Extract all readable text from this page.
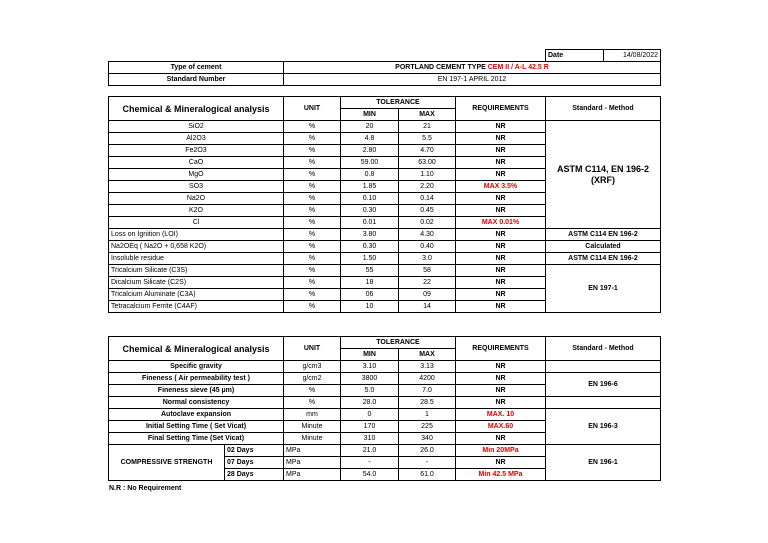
		Date	14/08/2022
Type of cement	PORTLAND CEMENT TYPE CEM II / A-L 42.5 R		
Standard Number	EN 197-1 APRIL 2012		
Chemical & Mineralogical analysis	UNIT	TOLERANCE		REQUIREMENTS	Standard - Method
		MIN	MAX		
SiO2	%	20	21	NR	ASTM C114, EN 196-2 (XRF)
Al2O3	%	4.8	5.5	NR	
Fe2O3	%	2.80	4.70	NR	
CaO	%	59.00	63.00	NR	
MgO	%	0.8	1.10	NR	
SO3	%	1.85	2.20	MAX 3.5%	
Na2O	%	0.10	0.14	NR	
K2O	%	0.30	0.45	NR	
Cl	%	0.01	0.02	MAX 0.01%	
Loss on Ignition (LOI)	%	3.80	4.30	NR	ASTM C114 EN 196-2
Na2OEq ( Na2O + 0,658 K2O)	%	0.30	0.40	NR	Calculated
Insoluble residue	%	1.50	3.0	NR	ASTM C114 EN 196-2
Tricalcium Silicate (C3S)	%	55	58	NR	EN 197-1
Dicalcium Silicate (C2S)	%	18	22	NR	
Tricalcium Aluminate (C3A)	%	06	09	NR	
Tetracalcium Ferrite (C4AF)	%	10	14	NR	
Chemical & Mineralogical analysis		UNIT	TOLERANCE		REQUIREMENTS	Standard - Method
			MIN	MAX		
Specific gravity		g/cm3	3.10	3.13	NR	
Fineness ( Air permeability test )		g/cm2	3800	4200	NR	EN 196-6
Fineness sieve (45 µm)		%	5.0	7.0	NR	
Normal consistency		%	28.0	28.5	NR	
Autoclave expansion		mm	0	1	MAX. 10	EN 196-3
Initial Setting Time ( Set Vicat)		Minute	170	225	MAX.60	
Final Setting Time (Set Vicat)		Minute	310	340	NR	
COMPRESSIVE STRENGTH	02 Days	MPa	21.0	26.0	Min 20MPa	EN 196-1
	07 Days	MPa	-	-	NR	
	28 Days	MPa	54.0	61.0	Min 42.5 MPa	
N.R : No Requirement
